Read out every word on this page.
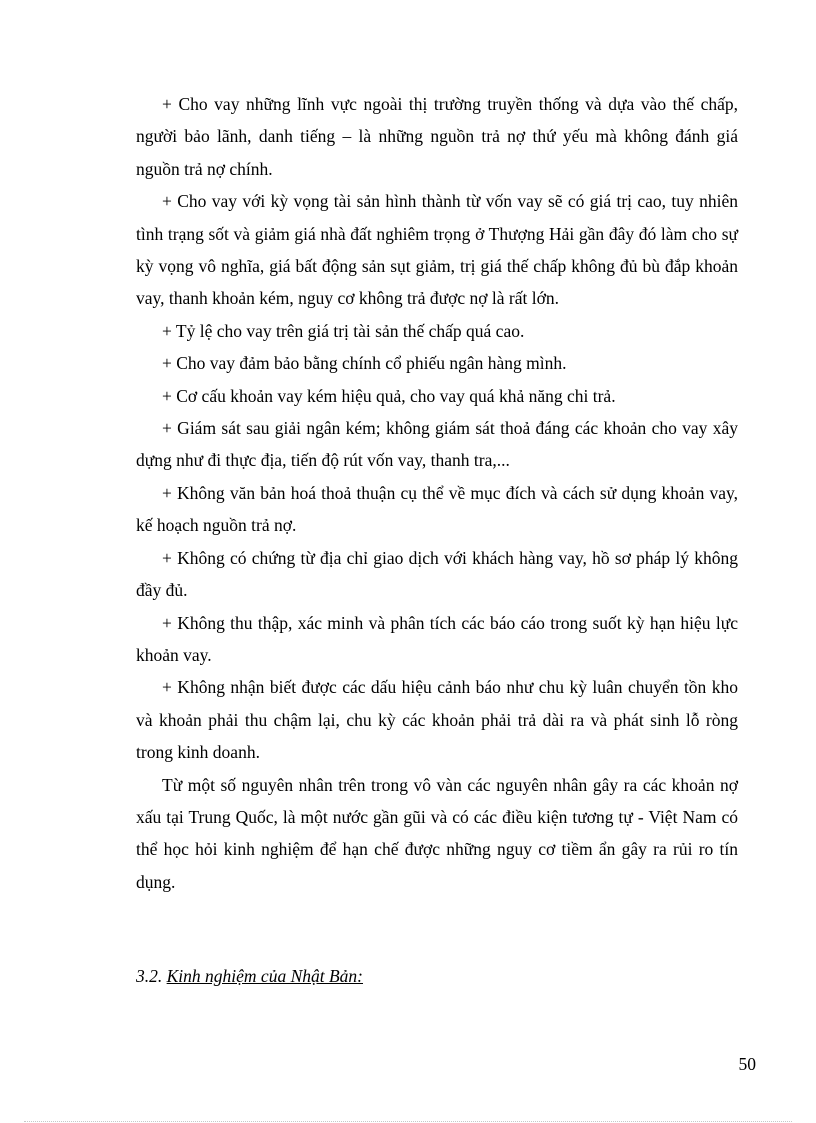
+ Cho vay những lĩnh vực ngoài thị trường truyền thống và dựa vào thế chấp, người bảo lãnh, danh tiếng – là những nguồn trả nợ thứ yếu mà không đánh giá nguồn trả nợ chính.

+ Cho vay với kỳ vọng tài sản hình thành từ vốn vay sẽ có giá trị cao, tuy nhiên tình trạng sốt và giảm giá nhà đất nghiêm trọng ở Thượng Hải gần đây đó làm cho sự kỳ vọng vô nghĩa, giá bất động sản sụt giảm, trị giá thế chấp không đủ bù đắp khoản vay, thanh khoản kém, nguy cơ không trả được nợ là rất lớn.

+ Tỷ lệ cho vay trên giá trị tài sản thế chấp quá cao.

+ Cho vay đảm bảo bằng chính cổ phiếu ngân hàng mình.

+ Cơ cấu khoản vay kém hiệu quả, cho vay quá khả năng chi trả.

+ Giám sát sau giải ngân kém; không giám sát thoả đáng các khoản cho vay xây dựng như đi thực địa, tiến độ rút vốn vay, thanh tra,...

+ Không văn bản hoá thoả thuận cụ thể về mục đích và cách sử dụng khoản vay, kế hoạch nguồn trả nợ.

+ Không có chứng từ địa chỉ giao dịch với khách hàng vay, hồ sơ pháp lý không đầy đủ.

+ Không thu thập, xác minh và phân tích các báo cáo trong suốt kỳ hạn hiệu lực khoản vay.

+ Không nhận biết được các dấu hiệu cảnh báo như chu kỳ luân chuyển tồn kho và khoản phải thu chậm lại, chu kỳ các khoản phải trả dài ra và phát sinh lỗ ròng trong kinh doanh.

Từ một số nguyên nhân trên trong vô vàn các nguyên nhân gây ra các khoản nợ xấu tại Trung Quốc, là một nước gần gũi và có các điều kiện tương tự - Việt Nam có thể học hỏi kinh nghiệm để hạn chế được những nguy cơ tiềm ẩn gây ra rủi ro tín dụng.

3.2. Kinh nghiệm của Nhật Bản:

50
